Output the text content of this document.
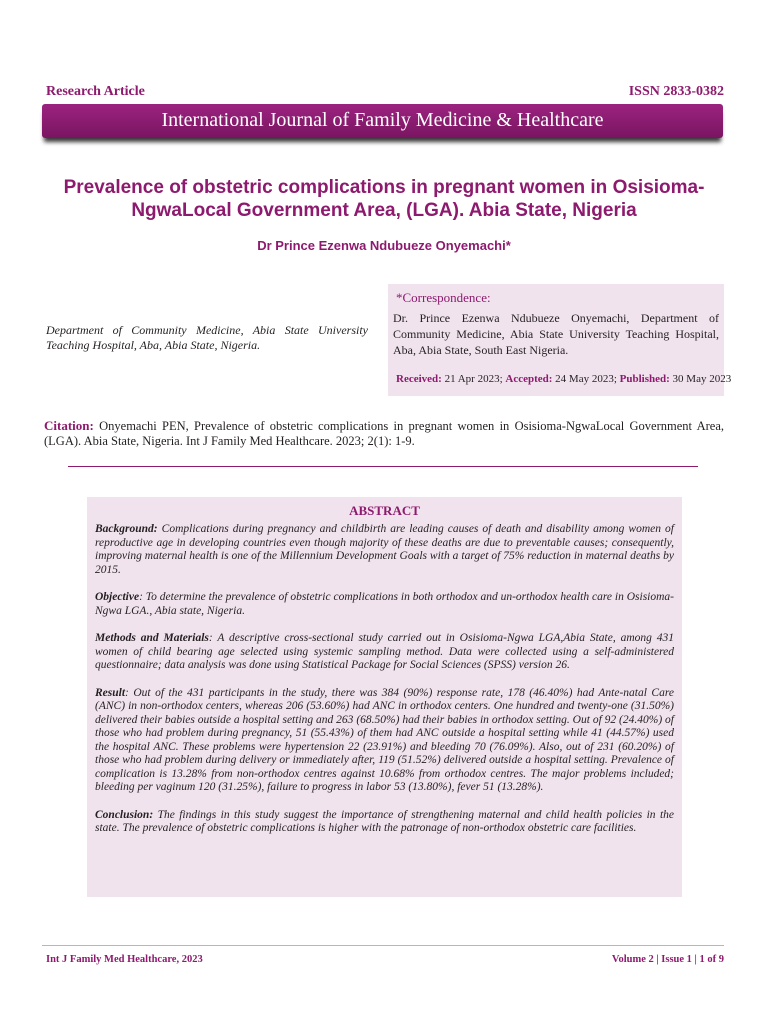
Research Article	ISSN 2833-0382
International Journal of Family Medicine & Healthcare
Prevalence of obstetric complications in pregnant women in Osisioma-NgwaLocal Government Area, (LGA). Abia State, Nigeria
Dr Prince Ezenwa Ndubueze Onyemachi*
Department of Community Medicine, Abia State University Teaching Hospital, Aba, Abia State, Nigeria.
*Correspondence:
Dr. Prince Ezenwa Ndubueze Onyemachi, Department of Community Medicine, Abia State University Teaching Hospital, Aba, Abia State, South East Nigeria.
Received: 21 Apr 2023; Accepted: 24 May 2023; Published: 30 May 2023
Citation: Onyemachi PEN, Prevalence of obstetric complications in pregnant women in Osisioma-NgwaLocal Government Area, (LGA). Abia State, Nigeria. Int J Family Med Healthcare. 2023; 2(1): 1-9.
ABSTRACT

Background: Complications during pregnancy and childbirth are leading causes of death and disability among women of reproductive age in developing countries even though majority of these deaths are due to preventable causes; consequently, improving maternal health is one of the Millennium Development Goals with a target of 75% reduction in maternal deaths by 2015.

Objective: To determine the prevalence of obstetric complications in both orthodox and un-orthodox health care in Osisioma-Ngwa LGA., Abia state, Nigeria.

Methods and Materials: A descriptive cross-sectional study carried out in Osisioma-Ngwa LGA,Abia State, among 431 women of child bearing age selected using systemic sampling method. Data were collected using a self-administered questionnaire; data analysis was done using Statistical Package for Social Sciences (SPSS) version 26.

Result: Out of the 431 participants in the study, there was 384 (90%) response rate, 178 (46.40%) had Ante-natal Care (ANC) in non-orthodox centers, whereas 206 (53.60%) had ANC in orthodox centers. One hundred and twenty-one (31.50%) delivered their babies outside a hospital setting and 263 (68.50%) had their babies in orthodox setting. Out of 92 (24.40%) of those who had problem during pregnancy, 51 (55.43%) of them had ANC outside a hospital setting while 41 (44.57%) used the hospital ANC. These problems were hypertension 22 (23.91%) and bleeding 70 (76.09%). Also, out of 231 (60.20%) of those who had problem during delivery or immediately after, 119 (51.52%) delivered outside a hospital setting. Prevalence of complication is 13.28% from non-orthodox centres against 10.68% from orthodox centres. The major problems included; bleeding per vaginum 120 (31.25%), failure to progress in labor 53 (13.80%), fever 51 (13.28%).

Conclusion: The findings in this study suggest the importance of strengthening maternal and child health policies in the state. The prevalence of obstetric complications is higher with the patronage of non-orthodox obstetric care facilities.

Int J Family Med Healthcare, 2023	Volume 2 | Issue 1 | 1 of 9
